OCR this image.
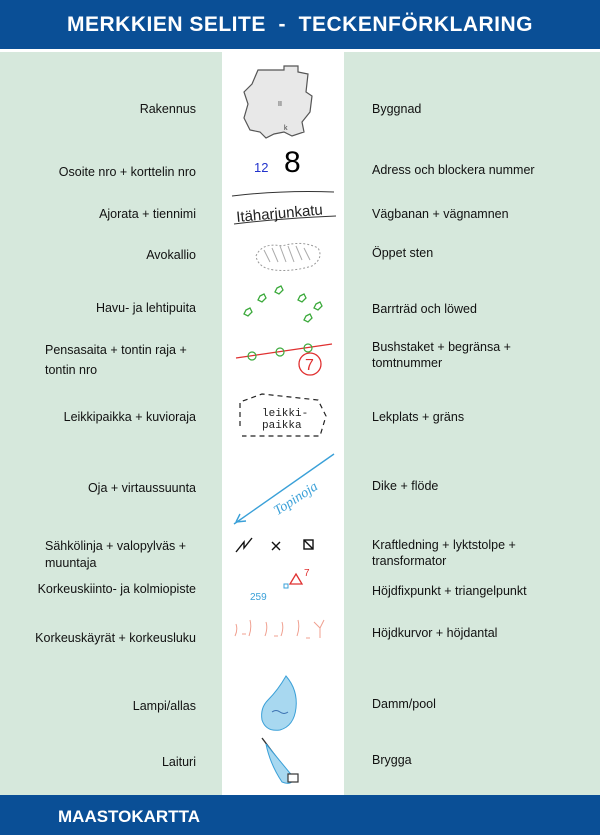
MERKKIEN SELITE  -  TECKENFÖRKLARING
Rakennus
Osoite nro + korttelin nro
Ajorata + tiennimi
Avokallio
Havu- ja lehtipuita
Pensasaita + tontin raja +
tontin nro
Leikkipaikka + kuvioraja
Oja + virtaussuunta
Sähkölinja + valopylväs +
muuntaja
Korkeuskiinto- ja kolmiopiste
Korkeuskäyrät + korkeusluku
Lampi/allas
Laituri
Byggnad
Adress och blockera nummer
Vägbanan + vägnamnen
Öppet sten
Barrträd och löwed
Bushstaket + begränsa +
tomtnummer
Lekplats + gräns
Dike + flöde
Kraftledning + lyktstolpe +
transformator
Höjdfixpunkt + triangelpunkt
Höjdkurvor + höjdantal
Damm/pool
Brygga
II
k
12 8
Itäharjunkatu
7
leikki-
paikka
Topinoja
7
259
MAASTOKARTTA
